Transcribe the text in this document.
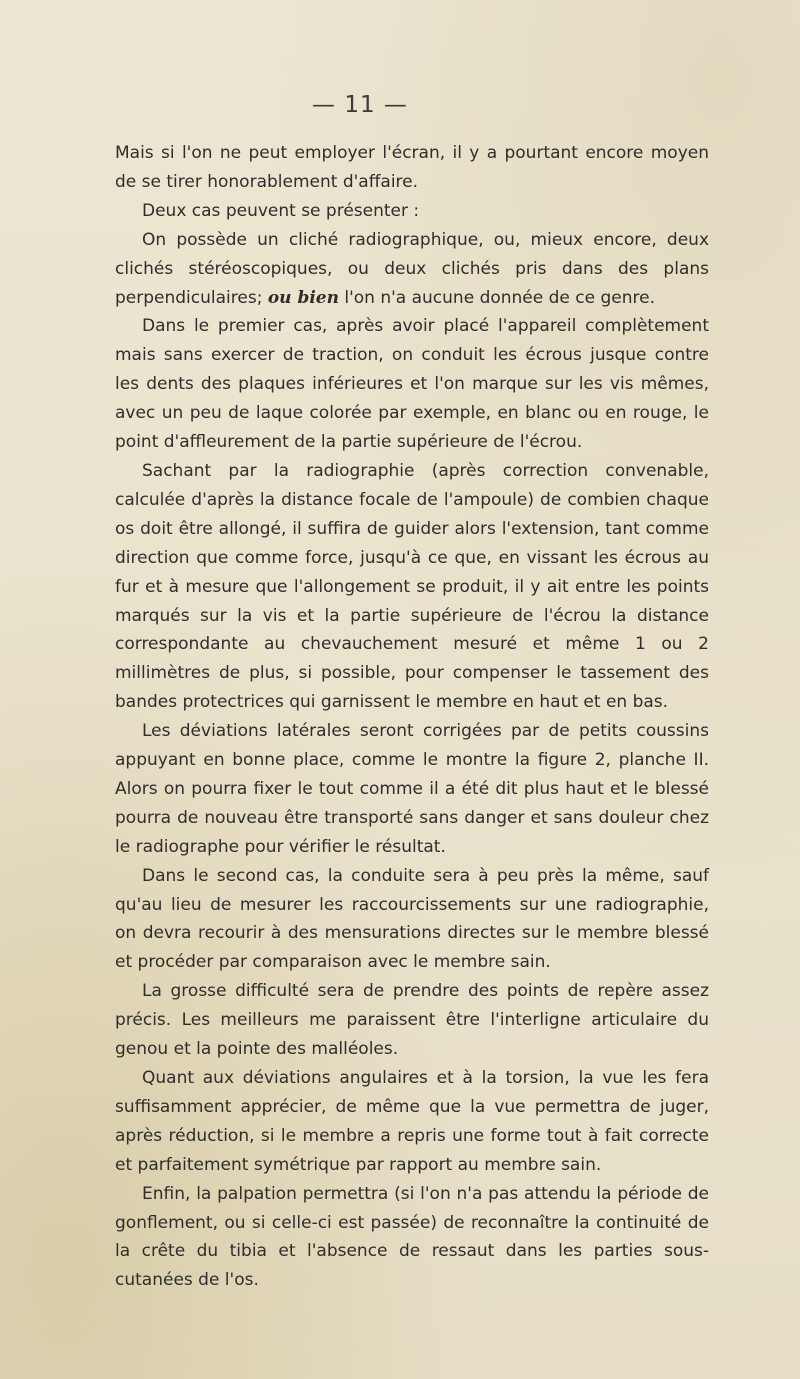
— 11 —

Mais si l'on ne peut employer l'écran, il y a pourtant encore moyen de se tirer honorablement d'affaire.

Deux cas peuvent se présenter :

On possède un cliché radiographique, ou, mieux encore, deux clichés stéréoscopiques, ou deux clichés pris dans des plans perpendiculaires; ou bien l'on n'a aucune donnée de ce genre.

Dans le premier cas, après avoir placé l'appareil complètement mais sans exercer de traction, on conduit les écrous jusque contre les dents des plaques inférieures et l'on marque sur les vis mêmes, avec un peu de laque colorée par exemple, en blanc ou en rouge, le point d'affleurement de la partie supérieure de l'écrou.

Sachant par la radiographie (après correction convenable, calculée d'après la distance focale de l'ampoule) de combien chaque os doit être allongé, il suffira de guider alors l'extension, tant comme direction que comme force, jusqu'à ce que, en vissant les écrous au fur et à mesure que l'allongement se produit, il y ait entre les points marqués sur la vis et la partie supérieure de l'écrou la distance correspondante au chevauchement mesuré et même 1 ou 2 millimètres de plus, si possible, pour compenser le tassement des bandes protectrices qui garnissent le membre en haut et en bas.

Les déviations latérales seront corrigées par de petits coussins appuyant en bonne place, comme le montre la figure 2, planche II. Alors on pourra fixer le tout comme il a été dit plus haut et le blessé pourra de nouveau être transporté sans danger et sans douleur chez le radiographe pour vérifier le résultat.

Dans le second cas, la conduite sera à peu près la même, sauf qu'au lieu de mesurer les raccourcissements sur une radiographie, on devra recourir à des mensurations directes sur le membre blessé et procéder par comparaison avec le membre sain.

La grosse difficulté sera de prendre des points de repère assez précis. Les meilleurs me paraissent être l'interligne articulaire du genou et la pointe des malléoles.

Quant aux déviations angulaires et à la torsion, la vue les fera suffisamment apprécier, de même que la vue permettra de juger, après réduction, si le membre a repris une forme tout à fait correcte et parfaitement symétrique par rapport au membre sain.

Enfin, la palpation permettra (si l'on n'a pas attendu la période de gonflement, ou si celle-ci est passée) de reconnaître la continuité de la crête du tibia et l'absence de ressaut dans les parties sous-cutanées de l'os.
